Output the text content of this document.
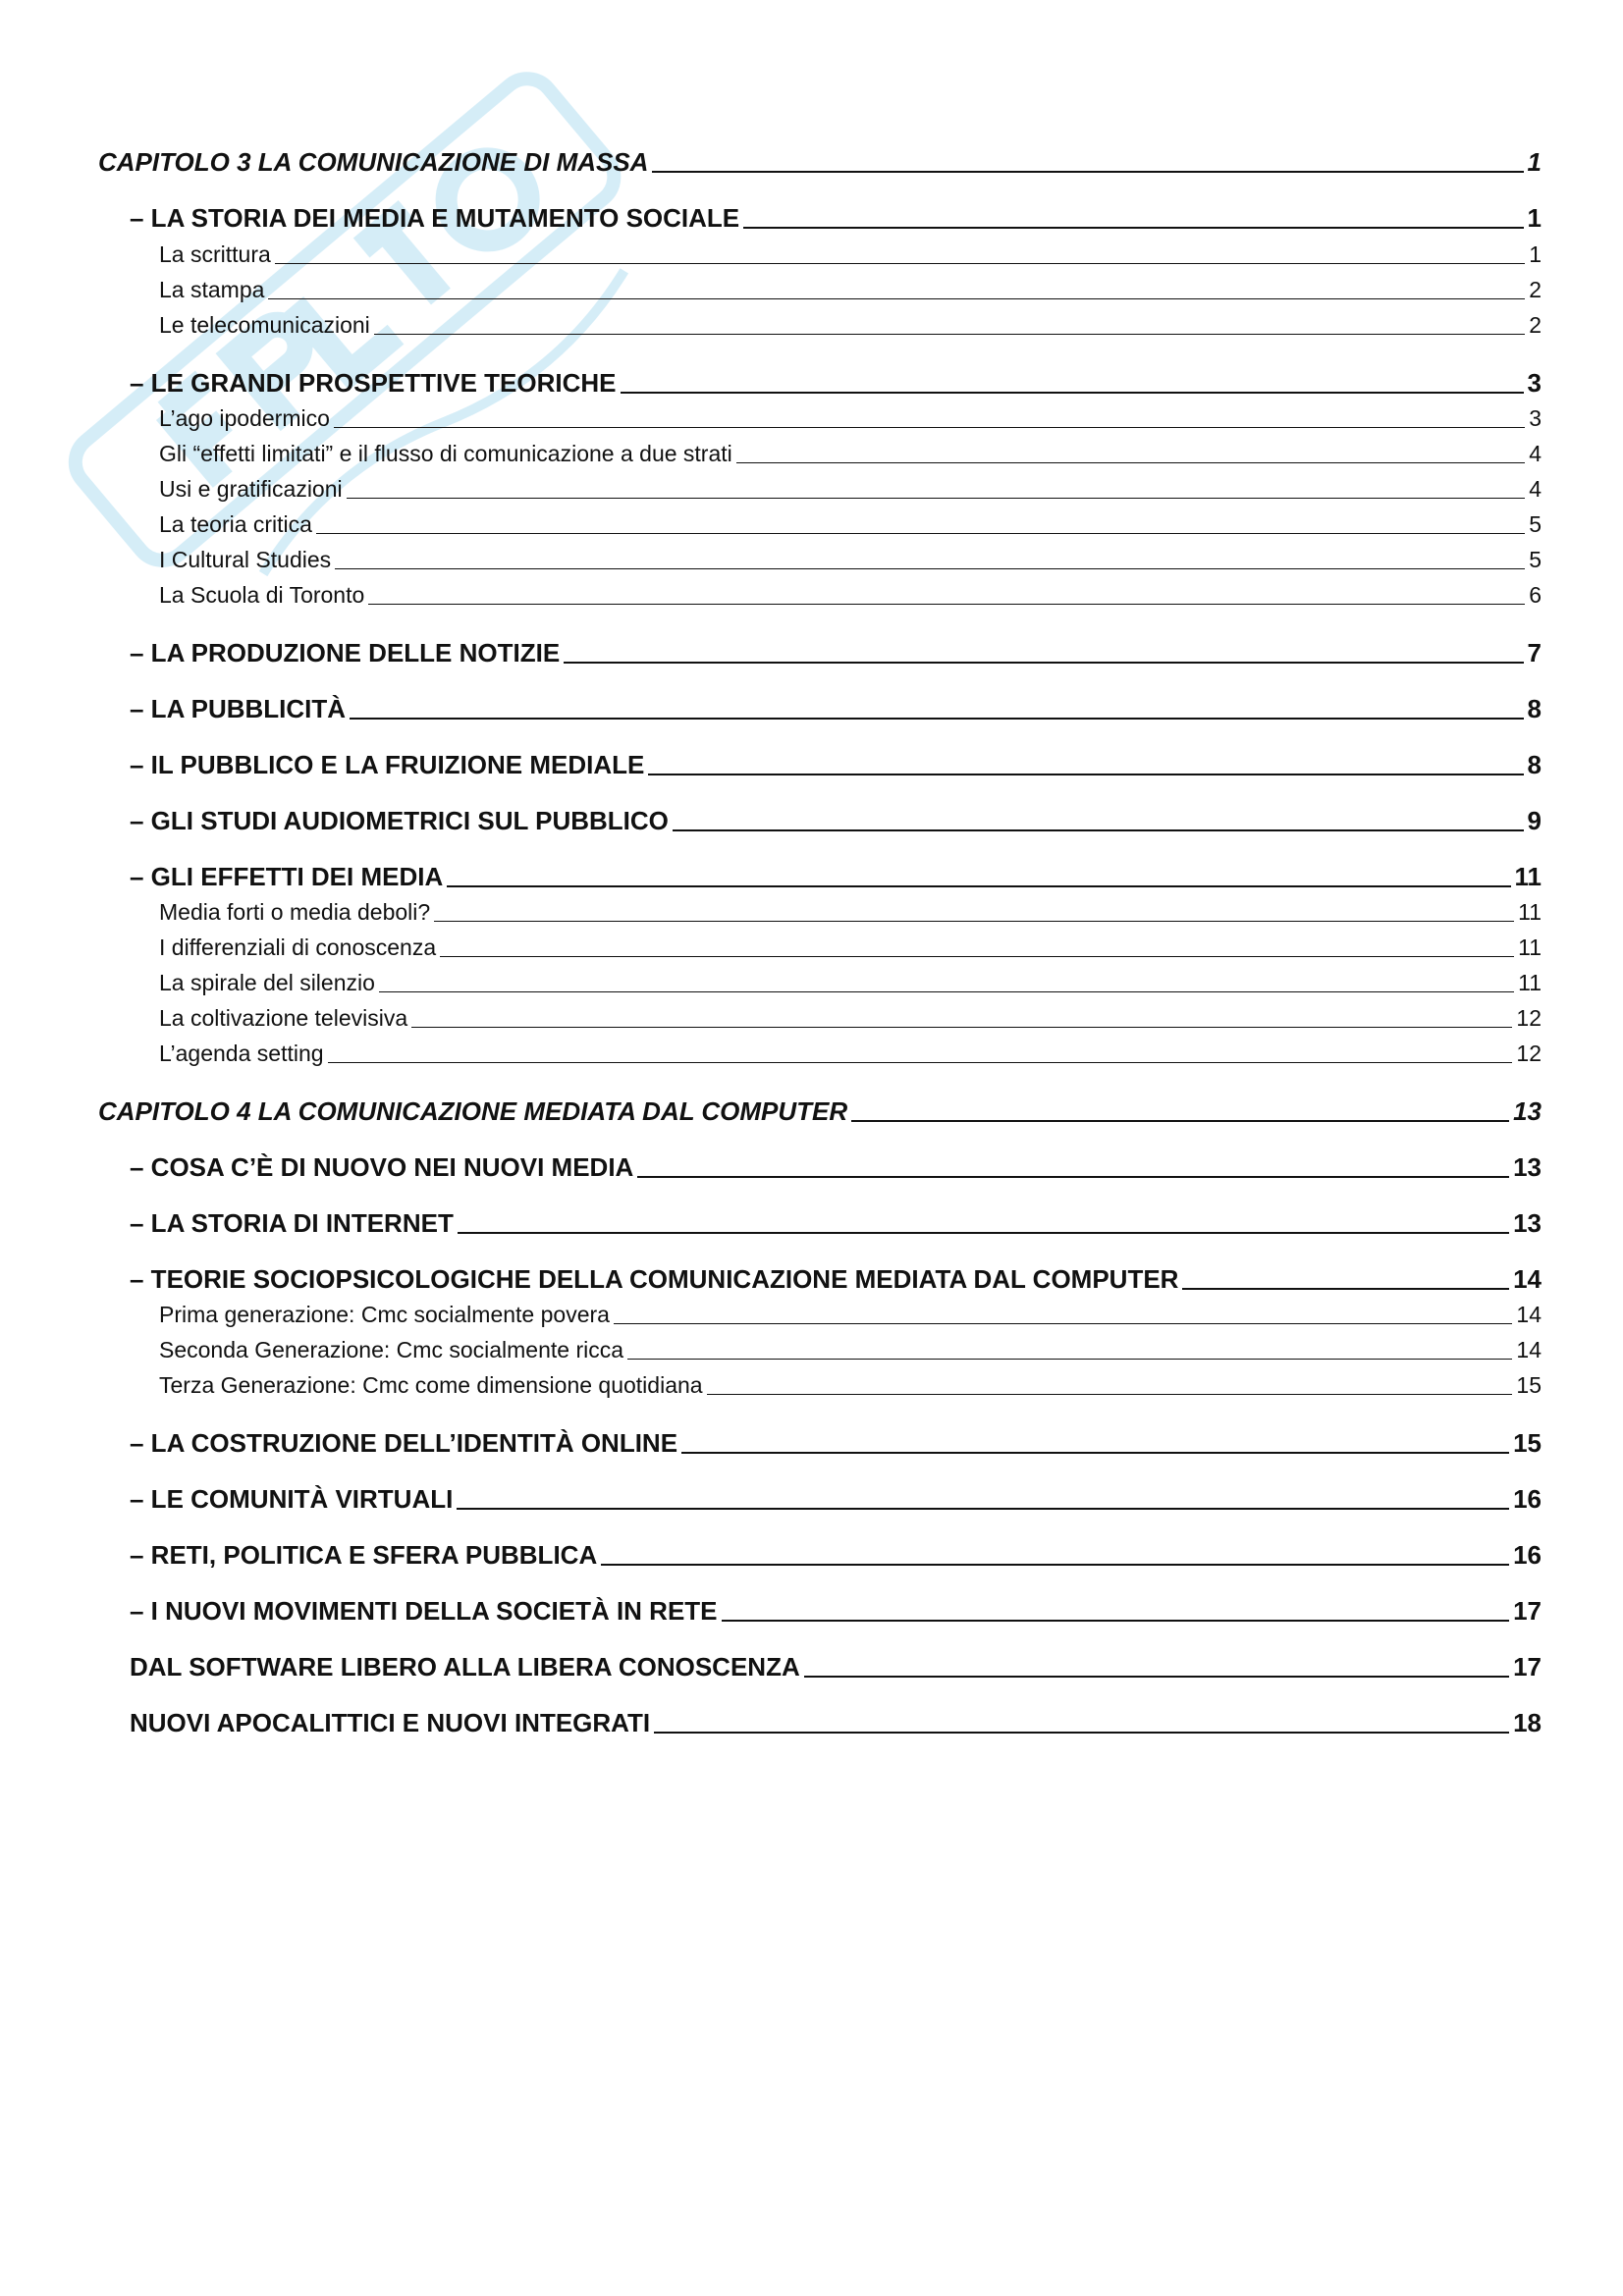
CAPITOLO 3 LA COMUNICAZIONE DI MASSA	1
– LA STORIA DEI MEDIA E MUTAMENTO SOCIALE	1
La scrittura	1
La stampa	2
Le telecomunicazioni	2
– LE GRANDI PROSPETTIVE TEORICHE	3
L’ago ipodermico	3
Gli “effetti limitati” e il flusso di comunicazione a due strati	4
Usi e gratificazioni	4
La teoria critica	5
I Cultural Studies	5
La Scuola di Toronto	6
– LA PRODUZIONE DELLE NOTIZIE	7
– LA PUBBLICITÀ	8
– IL PUBBLICO E LA FRUIZIONE MEDIALE	8
– GLI STUDI AUDIOMETRICI SUL PUBBLICO	9
– GLI EFFETTI DEI MEDIA	11
Media forti o media deboli?	11
I differenziali di conoscenza	11
La spirale del silenzio	11
La coltivazione televisiva	12
L’agenda setting	12
CAPITOLO 4 LA COMUNICAZIONE MEDIATA DAL COMPUTER	13
– COSA C’È DI NUOVO NEI NUOVI MEDIA	13
– LA STORIA DI INTERNET	13
– TEORIE SOCIOPSICOLOGICHE DELLA COMUNICAZIONE MEDIATA DAL COMPUTER	14
Prima generazione: Cmc socialmente povera	14
Seconda Generazione: Cmc socialmente ricca	14
Terza Generazione: Cmc come dimensione quotidiana	15
– LA COSTRUZIONE DELL’IDENTITÀ ONLINE	15
– LE COMUNITÀ VIRTUALI	16
– RETI, POLITICA E SFERA PUBBLICA	16
– I NUOVI MOVIMENTI DELLA SOCIETÀ IN RETE	17
DAL SOFTWARE LIBERO ALLA LIBERA CONOSCENZA	17
NUOVI APOCALITTICI E NUOVI INTEGRATI	18
